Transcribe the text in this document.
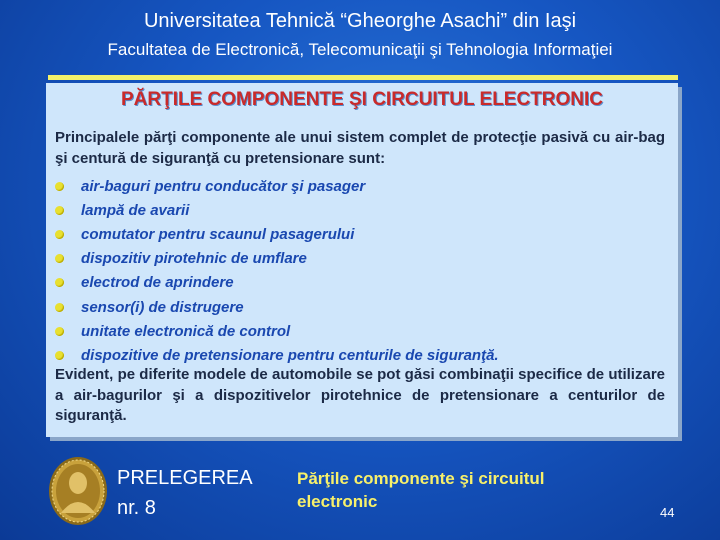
Universitatea Tehnică “Gheorghe Asachi” din Iaşi
Facultatea de Electronică, Telecomunicaţii şi Tehnologia Informaţiei
PĂRŢILE COMPONENTE ŞI CIRCUITUL ELECTRONIC
Principalele părţi componente ale unui sistem complet de protecţie pasivă cu air-bag şi centură de siguranţă cu pretensionare sunt:
air-baguri pentru conducător şi pasager
lampă de avarii
comutator pentru scaunul pasagerului
dispozitiv pirotehnic de umflare
electrod de aprindere
sensor(i) de distrugere
unitate electronică de control
dispozitive de pretensionare pentru centurile de siguranţă.
Evident, pe diferite modele de automobile se pot găsi combinaţii specifice de utilizare a air-bagurilor şi a dispozitivelor pirotehnice de pretensionare a centurilor de siguranţă.
PRELEGEREA
nr. 8
Părţile componente şi circuitul
electronic
44
